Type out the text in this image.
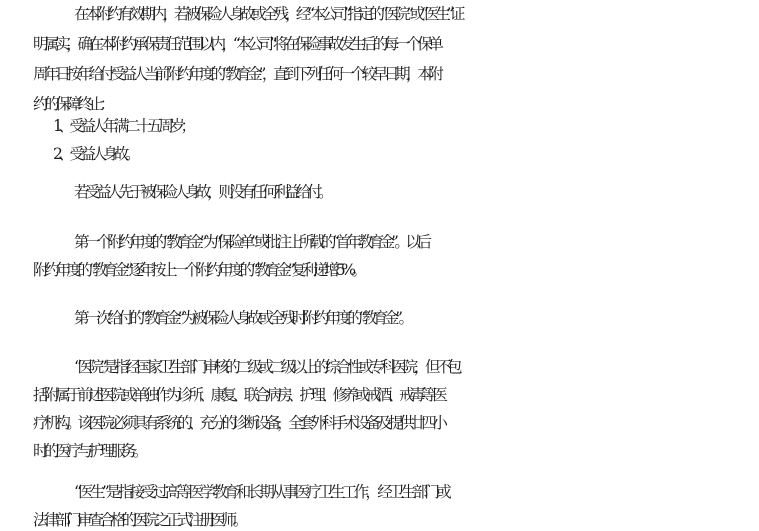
在本附约有效期内，若被保险人身故或全残，经“本公司”指定的“医院”或“医生”证
明属实，确在本附约承保责任范围以内，“本公司”将在保险事故发生后的每一个保单
周年日按年给付受益人当前附约年度的“教育金”，直到下列任何一个较早日期，本附
约的保障终止：
1、受益人年满二十五周岁；
2、受益人身故。
若受益人先于被保险人身故，则没有任何利益给付。
第一个附约年度的“教育金”为“保险单”或批注上所载的“首年教育金”。以后
附约年度的“教育金”逐年按上一个附约年度的“教育金”复利递增 5%。
第一次给付的“教育金”为被保险人身故或全残时附约年度的“教育金”。
“医院”是指经国家卫生部门审核的二级或二级以上的综合性或专科医院，但不包
括附属于前述医院或单独作为诊所、康复、联合病房、护理、修养或戒酒、戒毒等医
疗机构。该医院必须具有系统的、充分的诊断设备，全套外科手术设备及提供廿四小
时的医疗与护理服务。
“医生”是指接受过高等医学教育和长期从事医疗卫生工作，经卫生部门或
法律部门审查合格的医院之正式注册医师。
